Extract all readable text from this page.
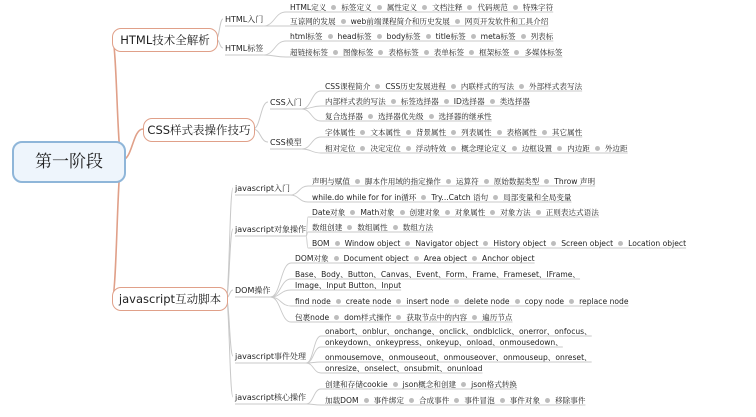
第一阶段
HTML技术全解析
HTML入门
HTML定义 标签定义 属性定义 文档注释 代码规范 特殊字符
互谅网的发展 web前端课程简介和历史发展 网页开发软件和工具介绍
HTML标签
html标签 head标签 body标签 title标签 meta标签 列表标
超链接标签 图像标签 表格标签 表单标签 框架标签 多媒体标签
CSS样式表操作技巧
CSS入门
CSS课程简介 CSS历史发展进程 内联样式的写法 外部样式表写法
内部样式表的写法 标签选择器 ID选择器 类选择器
复合选择器 选择器优先级 选择器的继承性
CSS模型
字体属性 文本属性 背景属性 列表属性 表格属性 其它属性
相对定位 决定定位 浮动特效 概念理论定义 边框设置 内边距 外边距
javascript互动脚本
javascript入门
声明与赋值 脚本作用域的指定操作 运算符 原始数据类型 Throw 声明
while.do while for for in循环 Try...Catch 语句 局部变量和全局变量
javascript对象操作
Date对象 Math对象 创建对象 对象属性 对象方法 正则表达式语法
数组创建 数组属性 数组方法
BOM Window object Navigator object History object Screen object Location object
DOM操作
DOM对象 Document object Area object Anchor object
Base、Body、Button、Canvas、Event、Form、Frame、Frameset、IFrame、
Image、Input Button、Input
find node create node insert node delete node copy node replace node
包裹node dom样式操作 获取节点中的内容 遍历节点
javascript事件处理
onabort、onblur、onchange、onclick、ondblclick、onerror、onfocus、
onkeydown、onkeypress、onkeyup、onload、onmousedown、
onmousemove、onmouseout、onmouseover、onmouseup、onreset、
onresize、onselect、onsubmit、onunload
javascript核心操作
创建和存储cookie json概念和创建 json格式转换
加载DOM 事件绑定 合成事件 事件冒泡 事件对象 移除事件
